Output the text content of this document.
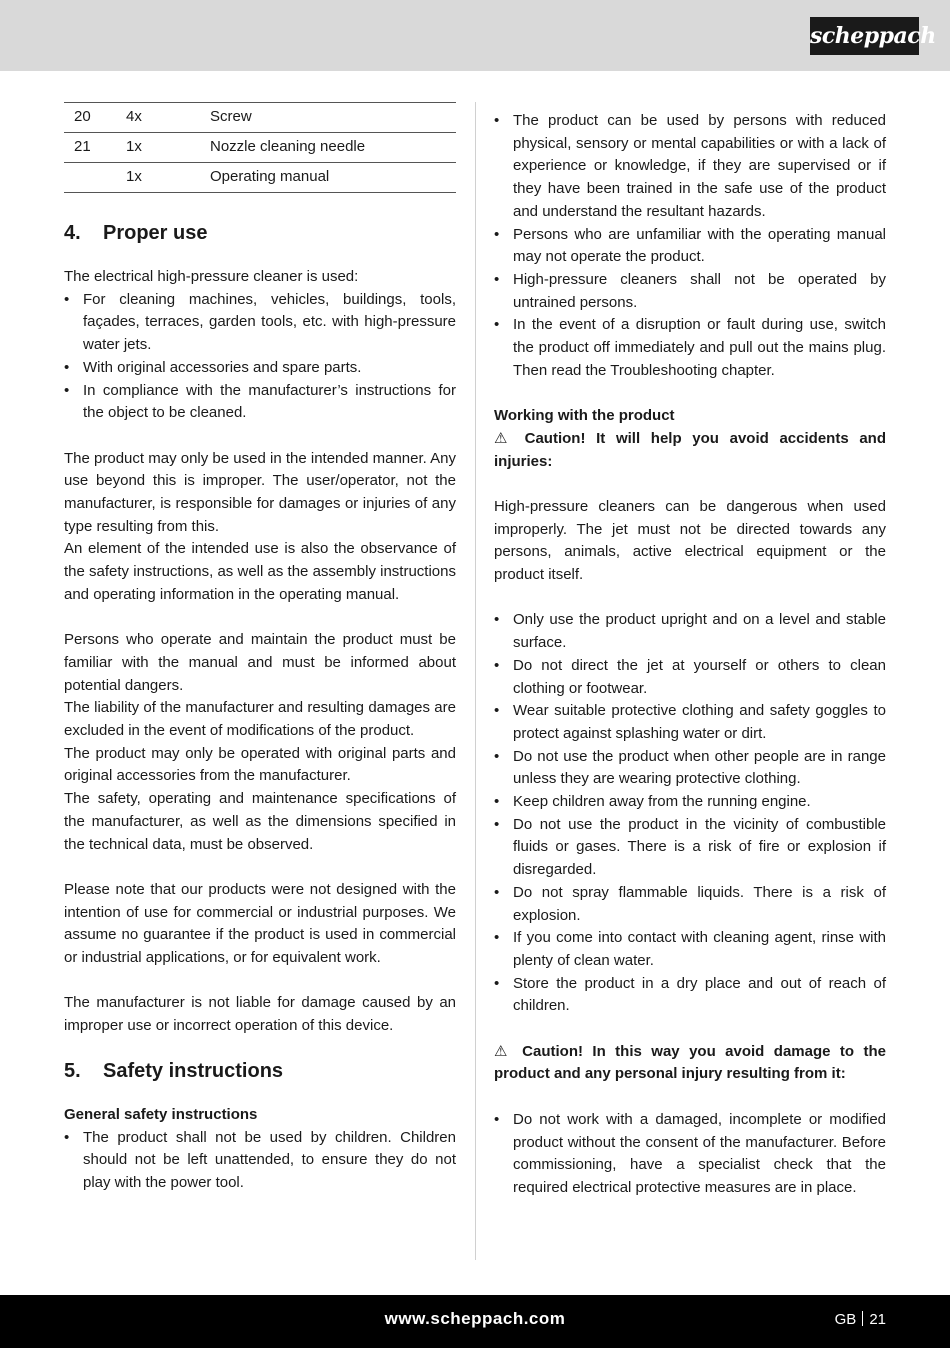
scheppach
20	4x	Screw
21	1x	Nozzle cleaning needle
	1x	Operating manual
4. Proper use

The electrical high-pressure cleaner is used:

• For cleaning machines, vehicles, buildings, tools, façades, terraces, garden tools, etc. with high-pressure water jets.
• With original accessories and spare parts.
• In compliance with the manufacturer’s instructions for the object to be cleaned.

The product may only be used in the intended manner. Any use beyond this is improper. The user/operator, not the manufacturer, is responsible for damages or injuries of any type resulting from this.

An element of the intended use is also the observance of the safety instructions, as well as the assembly instructions and operating information in the operating manual.

Persons who operate and maintain the product must be familiar with the manual and must be informed about potential dangers.

The liability of the manufacturer and resulting damages are excluded in the event of modifications of the product.

The product may only be operated with original parts and original accessories from the manufacturer.

The safety, operating and maintenance specifications of the manufacturer, as well as the dimensions specified in the technical data, must be observed.

Please note that our products were not designed with the intention of use for commercial or industrial purposes. We assume no guarantee if the product is used in commercial or industrial applications, or for equivalent work.

The manufacturer is not liable for damage caused by an improper use or incorrect operation of this device.

5. Safety instructions

General safety instructions

• The product shall not be used by children. Children should not be left unattended, to ensure they do not play with the power tool.
• The product can be used by persons with reduced physical, sensory or mental capabilities or with a lack of experience or knowledge, if they are supervised or if they have been trained in the safe use of the product and understand the resultant hazards.
• Persons who are unfamiliar with the operating manual may not operate the product.
• High-pressure cleaners shall not be operated by untrained persons.
• In the event of a disruption or fault during use, switch the product off immediately and pull out the mains plug. Then read the Troubleshooting chapter.

Working with the product

⚠ Caution! It will help you avoid accidents and injuries:

High-pressure cleaners can be dangerous when used improperly. The jet must not be directed towards any persons, animals, active electrical equipment or the product itself.

• Only use the product upright and on a level and stable surface.
• Do not direct the jet at yourself or others to clean clothing or footwear.
• Wear suitable protective clothing and safety goggles to protect against splashing water or dirt.
• Do not use the product when other people are in range unless they are wearing protective clothing.
• Keep children away from the running engine.
• Do not use the product in the vicinity of combustible fluids or gases. There is a risk of fire or explosion if disregarded.
• Do not spray flammable liquids. There is a risk of explosion.
• If you come into contact with cleaning agent, rinse with plenty of clean water.
• Store the product in a dry place and out of reach of children.

⚠ Caution! In this way you avoid damage to the product and any personal injury resulting from it:

• Do not work with a damaged, incomplete or modified product without the consent of the manufacturer. Before commissioning, have a specialist check that the required electrical protective measures are in place.
www.scheppach.com	GB 21
